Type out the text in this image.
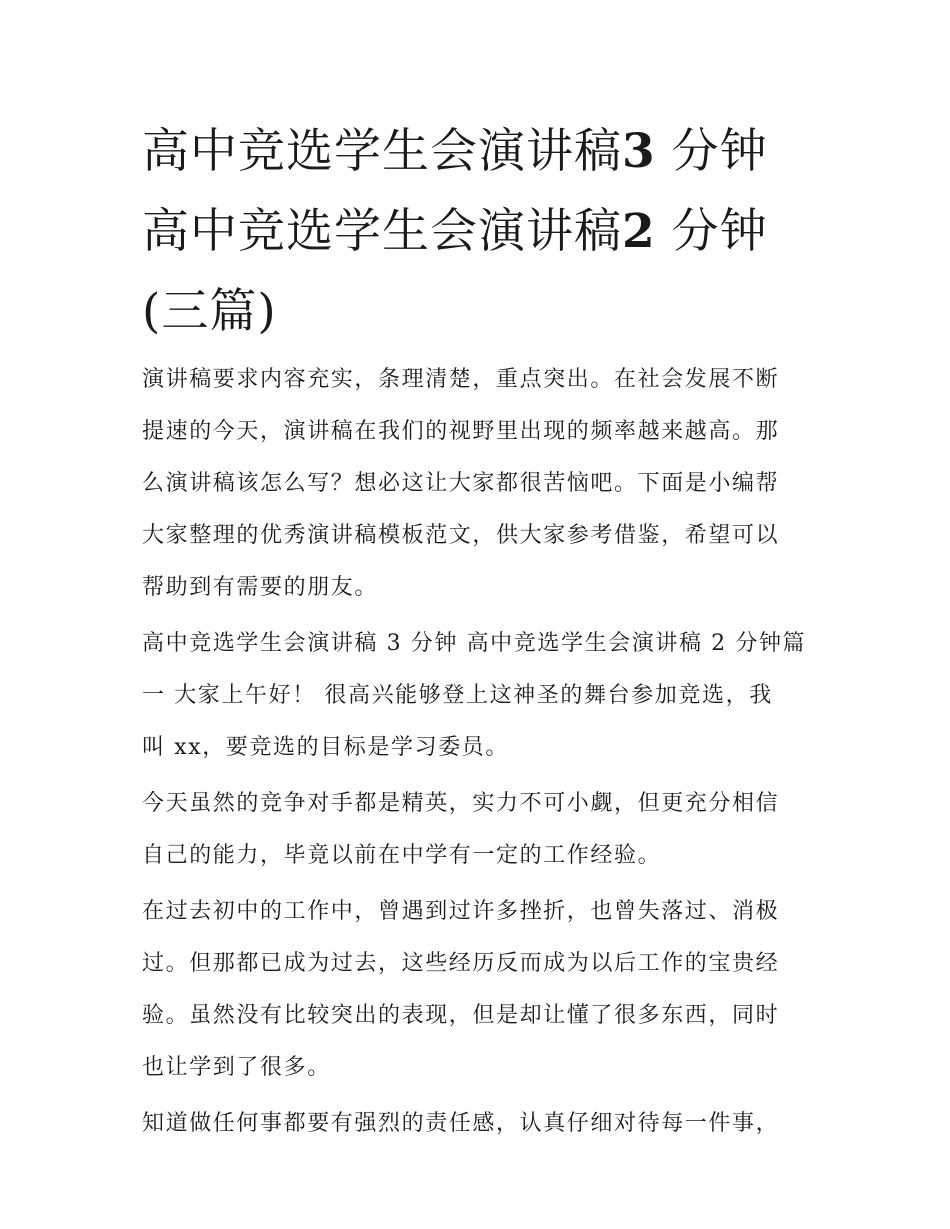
高中竞选学生会演讲稿3 分钟
高中竞选学生会演讲稿2 分钟
(三篇)
演讲稿要求内容充实，条理清楚，重点突出。在社会发展不断
提速的今天，演讲稿在我们的视野里出现的频率越来越高。那
么演讲稿该怎么写？想必这让大家都很苦恼吧。下面是小编帮
大家整理的优秀演讲稿模板范文，供大家参考借鉴，希望可以
帮助到有需要的朋友。
高中竞选学生会演讲稿 3 分钟 高中竞选学生会演讲稿 2 分钟篇
一 大家上午好！ 很高兴能够登上这神圣的舞台参加竞选，我
叫 xx，要竞选的目标是学习委员。
今天虽然的竞争对手都是精英，实力不可小觑，但更充分相信
自己的能力，毕竟以前在中学有一定的工作经验。
在过去初中的工作中，曾遇到过许多挫折，也曾失落过、消极
过。但那都已成为过去，这些经历反而成为以后工作的宝贵经
验。虽然没有比较突出的表现，但是却让懂了很多东西，同时
也让学到了很多。
知道做任何事都要有强烈的责任感，认真仔细对待每一件事，
